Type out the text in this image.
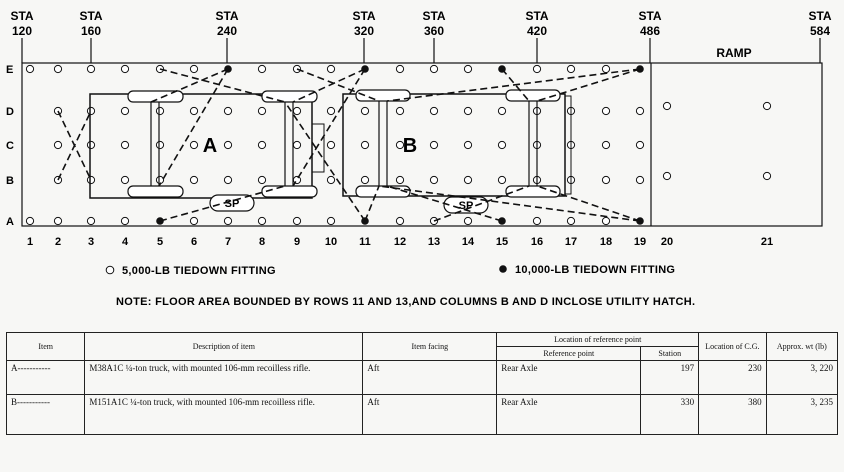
STA
120
STA
160
STA
240
STA
320
STA
360
STA
420
STA
486
STA
584
RAMP
E
D
C
B
A
1 2 3	4	5	6	7	8	9 10 11 12 13 14 15 16 17 18 19 20	21
A	B
SP	SP
5,000-LB TIEDOWN FITTING	10,000-LB TIEDOWN FITTING
NOTE: FLOOR AREA BOUNDED BY ROWS 11 AND 13,AND COLUMNS B AND D INCLOSE UTILITY HATCH.
Item	Description of item	Item facing	Location of reference point		Location of C.G.	Approx. wt (lb)
			Reference point	Station		
A-----------	M38A1C ¼-ton truck, with mounted 106-mm recoilless rifle.	Aft	Rear Axle	197	230	3, 220
B-----------	M151A1C ¼-ton truck, with mounted 106-mm recoilless rifle.	Aft	Rear Axle	330	380	3, 235
